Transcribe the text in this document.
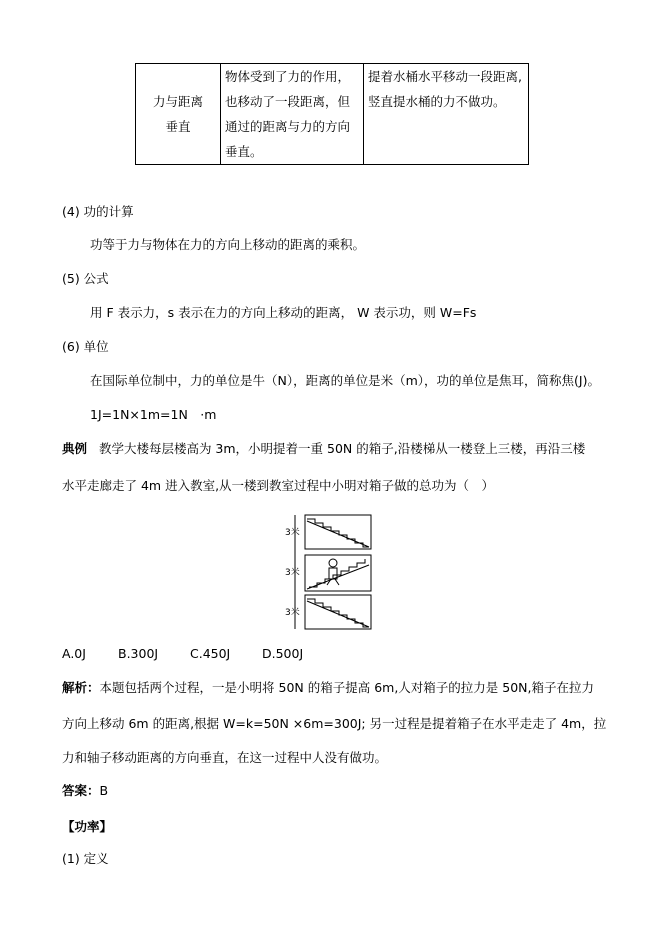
力与距离
垂直	物体受到了力的作用，也移动了一段距离，但通过的距离与力的方向垂直。	提着水桶水平移动一段距离,竖直提水桶的力不做功。
(4) 功的计算
功等于力与物体在力的方向上移动的距离的乘积。
(5) 公式
用 F 表示力，s 表示在力的方向上移动的距离， W 表示功，则 W=Fs
(6) 单位
在国际单位制中，力的单位是牛（N），距离的单位是米（m），功的单位是焦耳，简称焦(J)。
1J=1N×1m=1N　·m
典例 教学大楼每层楼高为 3m，小明提着一重 50N 的箱子,沿楼梯从一楼登上三楼，再沿三楼
水平走廊走了 4m 进入教室,从一楼到教室过程中小明对箱子做的总功为（　）
3米
3米
3米
A.0J	B.300J	C.450J	D.500J
解析：本题包括两个过程，一是小明将 50N 的箱子提高 6m,人对箱子的拉力是 50N,箱子在拉力
方向上移动 6m 的距离,根据 W=k=50N ×6m=300J; 另一过程是提着箱子在水平走走了 4m，拉
力和轴子移动距离的方向垂直，在这一过程中人没有做功。
答案：B
【功率】
(1) 定义
